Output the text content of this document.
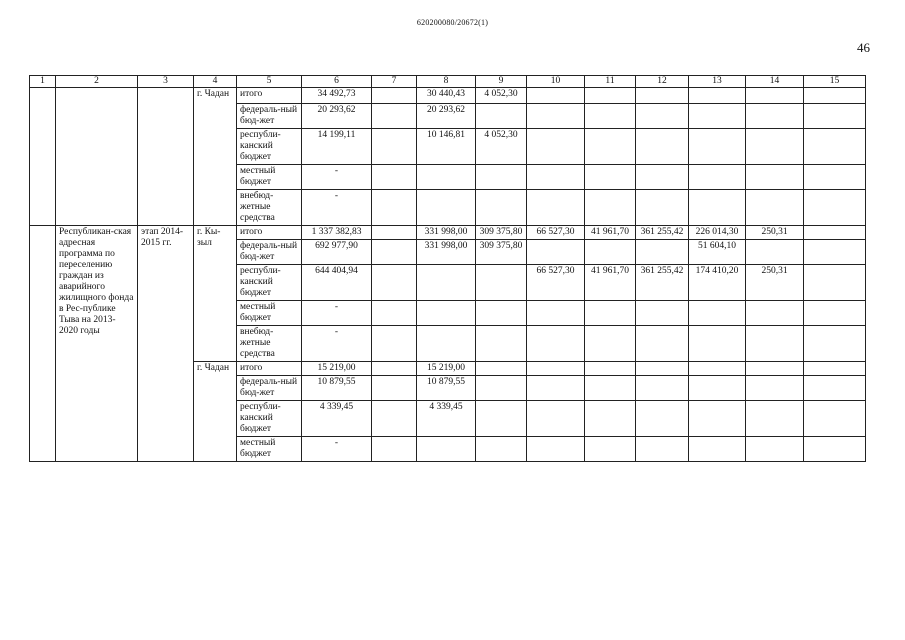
620200080/20672(1)
46
1	2	3	4	5	6	7	8	9	10	11	12	13	14	15
			г. Чадан	итого	34 492,73		30 440,43	4 052,30						
				федераль-ный бюд-жет	20 293,62		20 293,62							
				республи-канский бюджет	14 199,11		10 146,81	4 052,30						
				местный бюджет	-									
				внебюд-жетные средства	-									
	Республикан-ская адресная программа по переселению граждан из аварийного жилищного фонда в Рес-публике Тыва на 2013-2020 годы	этап 2014-2015 гг.	г. Кы-зыл	итого	1 337 382,83		331 998,00	309 375,80	66 527,30	41 961,70	361 255,42	226 014,30	250,31	
				федераль-ный бюд-жет	692 977,90		331 998,00	309 375,80				51 604,10		
				республи-канский бюджет	644 404,94				66 527,30	41 961,70	361 255,42	174 410,20	250,31	
				местный бюджет	-									
				внебюд-жетные средства	-									
			г. Чадан	итого	15 219,00		15 219,00							
				федераль-ный бюд-жет	10 879,55		10 879,55							
				республи-канский бюджет	4 339,45		4 339,45							
				местный бюджет	-									
